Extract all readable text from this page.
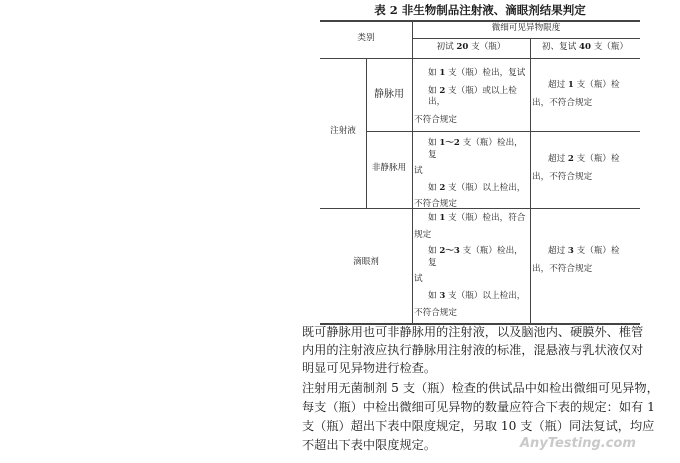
表 2 非生物制品注射液、滴眼剂结果判定
类别
微细可见异物限度
初试 20 支（瓶）	初、复试 40 支（瓶）
注射液
静脉用
非静脉用
滴眼剂
如 1 支（瓶）检出，复试
如 2 支（瓶）或以上检出，
不符合规定
超过 1 支（瓶）检
出，不符合规定
如 1～2 支（瓶）检出，复
试
如 2 支（瓶）以上检出，
不符合规定
超过 2 支（瓶）检
出，不符合规定
如 1 支（瓶）检出，符合
规定
如 2～3 支（瓶）检出，复
试
如 3 支（瓶）以上检出，
不符合规定
超过 3 支（瓶）检
出，不符合规定
既可静脉用也可非静脉用的注射液，以及脑池内、硬膜外、椎管
内用的注射液应执行静脉用注射液的标准，混悬液与乳状液仅对
明显可见异物进行检查。
注射用无菌制剂 5 支（瓶）检查的供试品中如检出微细可见异物，
每支（瓶）中检出微细可见异物的数量应符合下表的规定：如有 1
支（瓶）超出下表中限度规定，另取 10 支（瓶）同法复试，均应
不超出下表中限度规定。	AnyTesting.com
